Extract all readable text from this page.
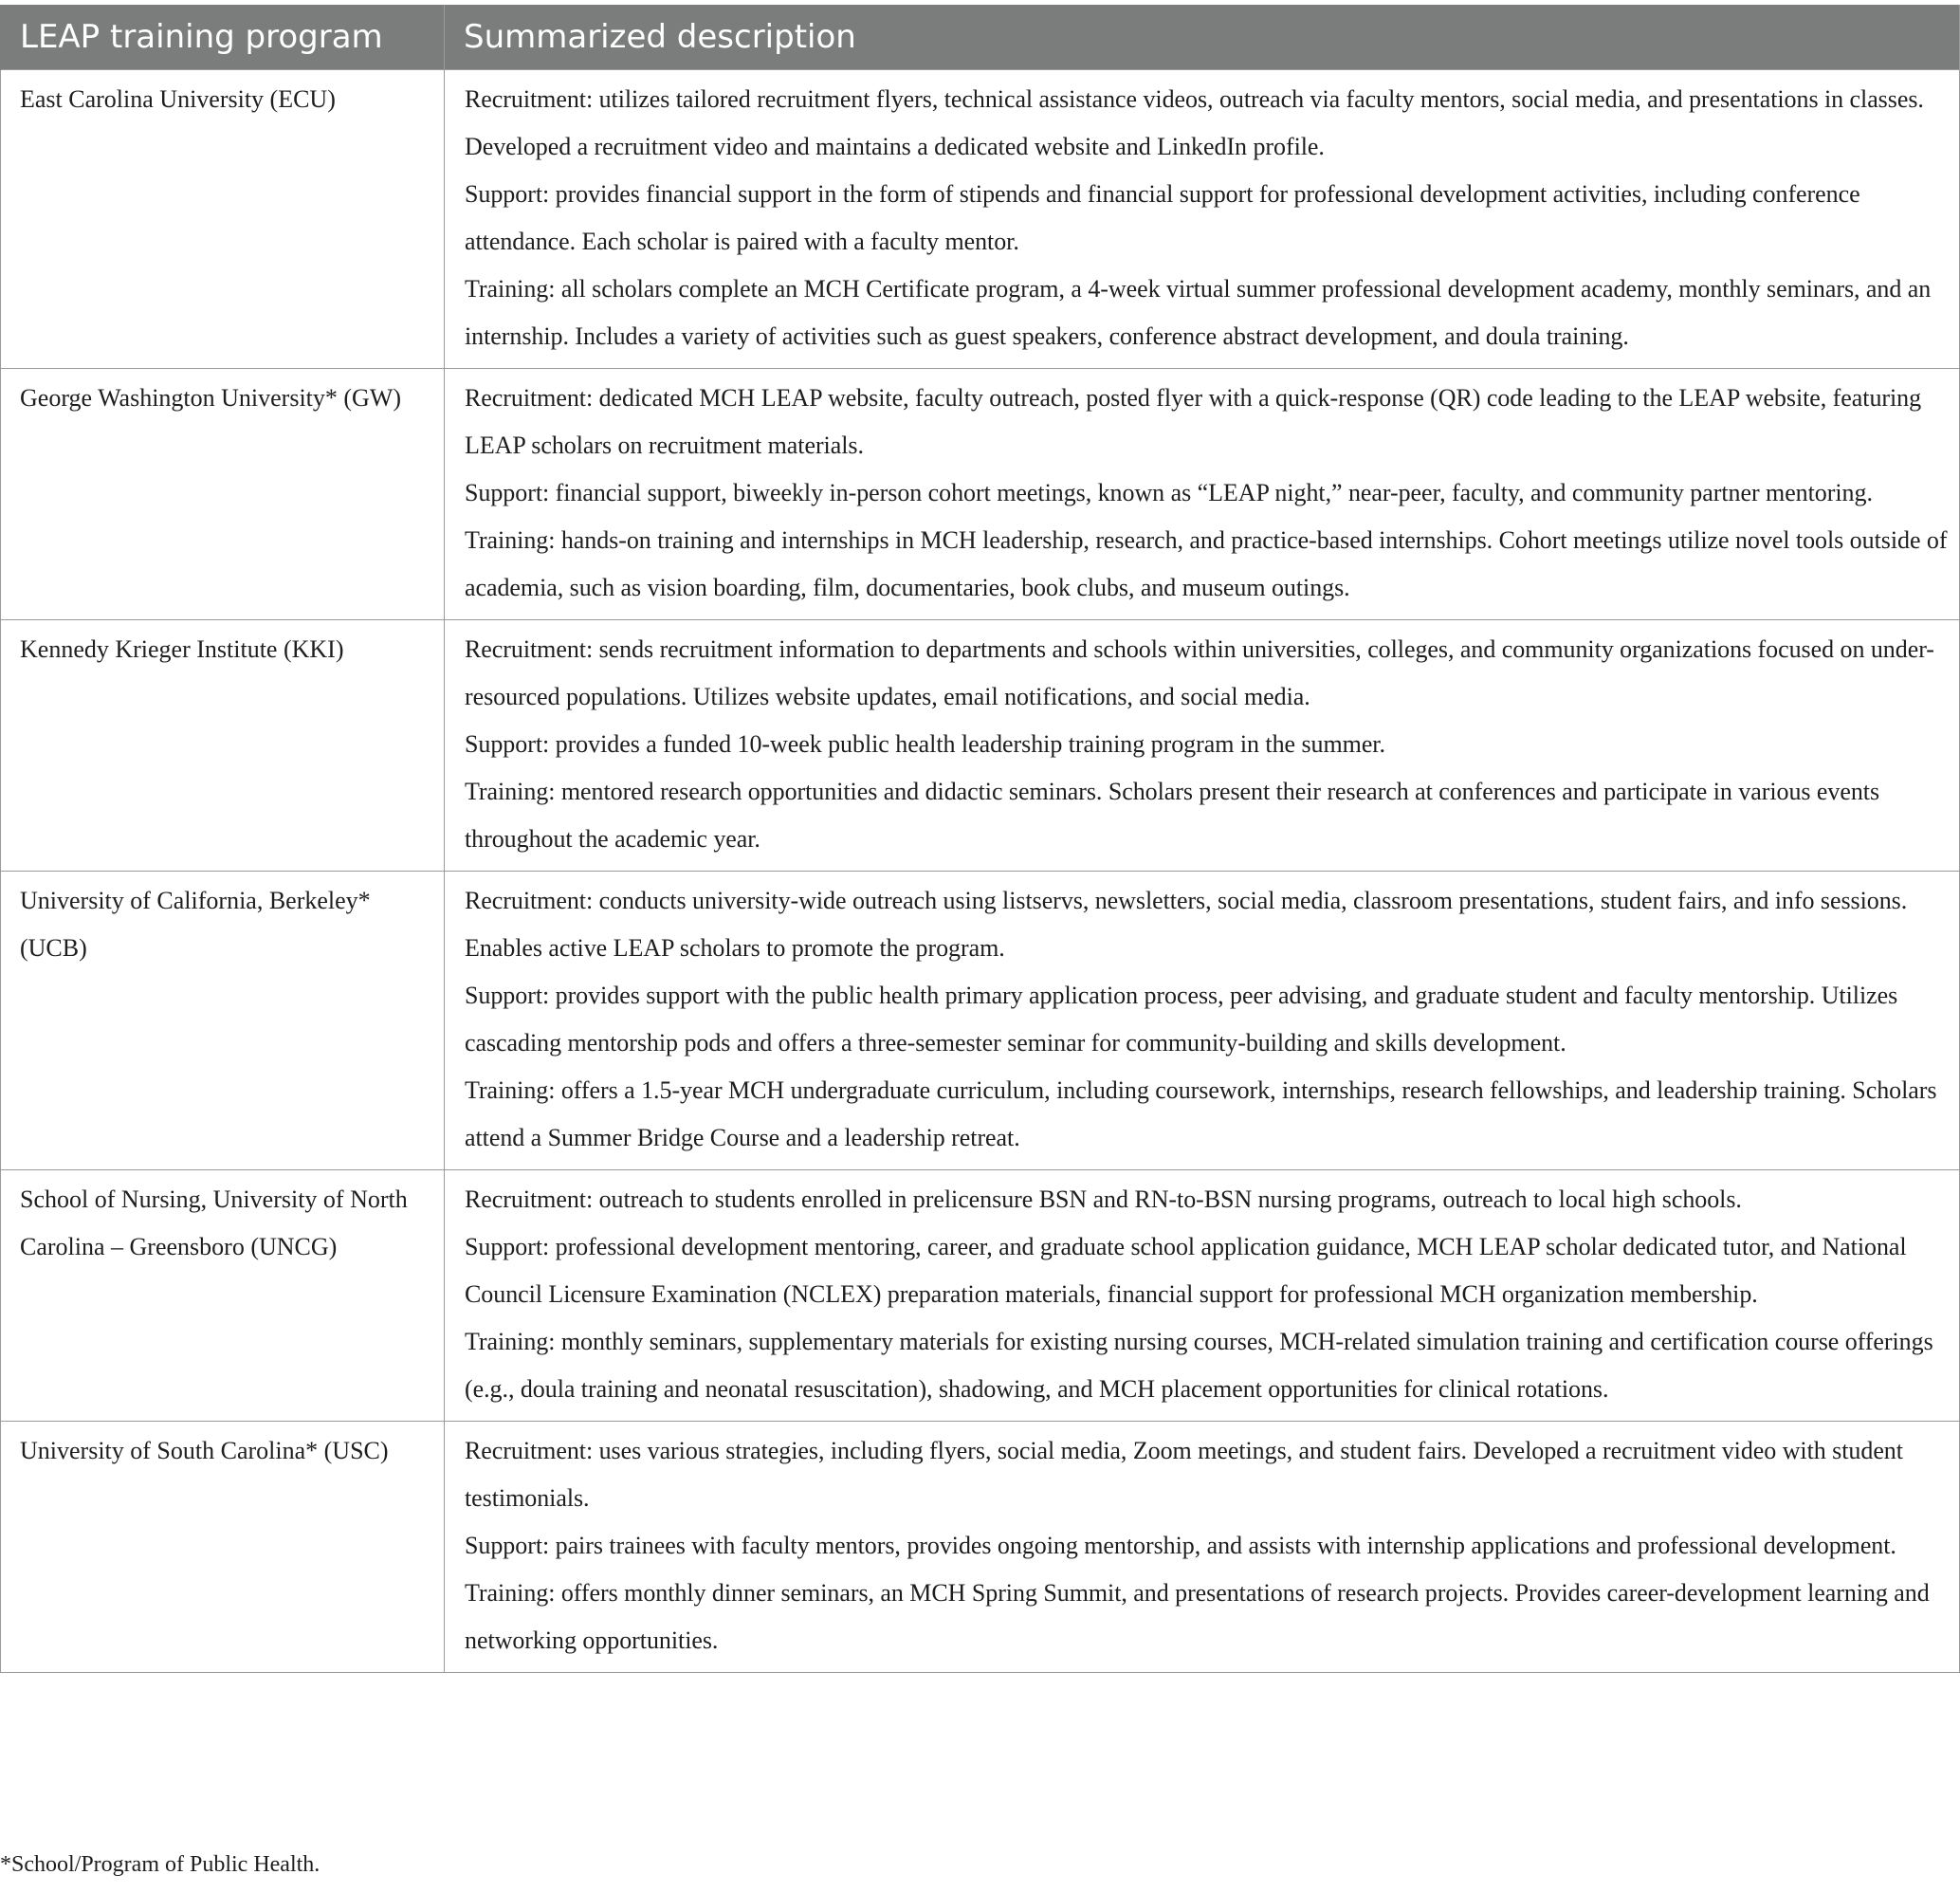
LEAP training program	Summarized description
East Carolina University (ECU)	Recruitment: utilizes tailored recruitment flyers, technical assistance videos, outreach via faculty mentors, social media, and presentations in classes. Developed a recruitment video and maintains a dedicated website and LinkedIn profile.
Support: provides financial support in the form of stipends and financial support for professional development activities, including conference attendance. Each scholar is paired with a faculty mentor.
Training: all scholars complete an MCH Certificate program, a 4-week virtual summer professional development academy, monthly seminars, and an internship. Includes a variety of activities such as guest speakers, conference abstract development, and doula training.

George Washington University* (GW)	Recruitment: dedicated MCH LEAP website, faculty outreach, posted flyer with a quick-response (QR) code leading to the LEAP website, featuring LEAP scholars on recruitment materials.
Support: financial support, biweekly in-person cohort meetings, known as “LEAP night,” near-peer, faculty, and community partner mentoring.
Training: hands-on training and internships in MCH leadership, research, and practice-based internships. Cohort meetings utilize novel tools outside of academia, such as vision boarding, film, documentaries, book clubs, and museum outings.

Kennedy Krieger Institute (KKI)	Recruitment: sends recruitment information to departments and schools within universities, colleges, and community organizations focused on under-resourced populations. Utilizes website updates, email notifications, and social media.
Support: provides a funded 10-week public health leadership training program in the summer.
Training: mentored research opportunities and didactic seminars. Scholars present their research at conferences and participate in various events throughout the academic year.

University of California, Berkeley* (UCB)	Recruitment: conducts university-wide outreach using listservs, newsletters, social media, classroom presentations, student fairs, and info sessions. Enables active LEAP scholars to promote the program.
Support: provides support with the public health primary application process, peer advising, and graduate student and faculty mentorship. Utilizes cascading mentorship pods and offers a three-semester seminar for community-building and skills development.
Training: offers a 1.5-year MCH undergraduate curriculum, including coursework, internships, research fellowships, and leadership training. Scholars attend a Summer Bridge Course and a leadership retreat.

School of Nursing, University of North Carolina – Greensboro (UNCG)	Recruitment: outreach to students enrolled in prelicensure BSN and RN-to-BSN nursing programs, outreach to local high schools.
Support: professional development mentoring, career, and graduate school application guidance, MCH LEAP scholar dedicated tutor, and National Council Licensure Examination (NCLEX) preparation materials, financial support for professional MCH organization membership.
Training: monthly seminars, supplementary materials for existing nursing courses, MCH-related simulation training and certification course offerings (e.g., doula training and neonatal resuscitation), shadowing, and MCH placement opportunities for clinical rotations.

University of South Carolina* (USC)	Recruitment: uses various strategies, including flyers, social media, Zoom meetings, and student fairs. Developed a recruitment video with student testimonials.
Support: pairs trainees with faculty mentors, provides ongoing mentorship, and assists with internship applications and professional development.
Training: offers monthly dinner seminars, an MCH Spring Summit, and presentations of research projects. Provides career-development learning and networking opportunities.
*School/Program of Public Health.
